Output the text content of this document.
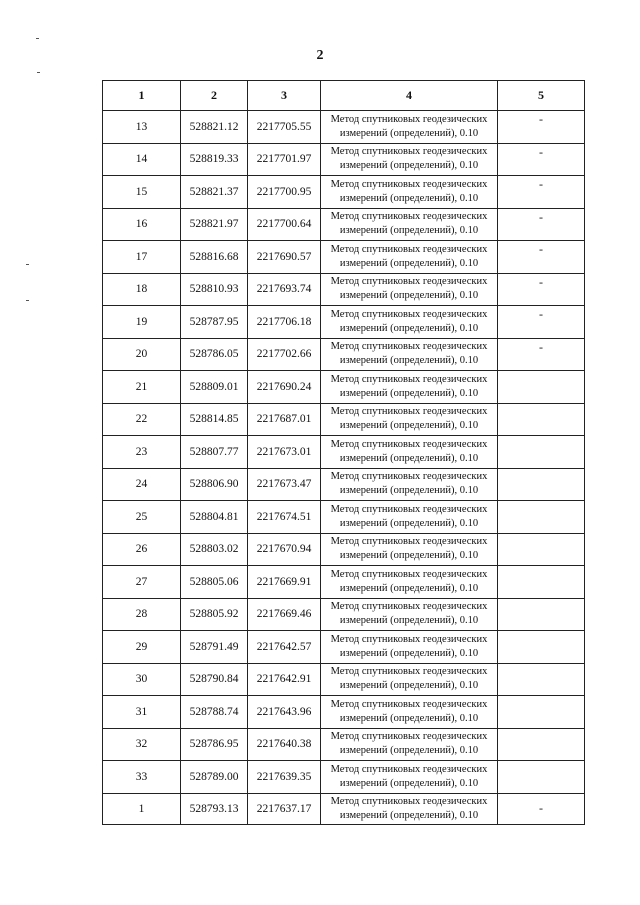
2
1	2	3	4	5
13	528821.12	2217705.55	Метод спутниковых геодезических
измерений (определений), 0.10	-
14	528819.33	2217701.97	Метод спутниковых геодезических
измерений (определений), 0.10	-
15	528821.37	2217700.95	Метод спутниковых геодезических
измерений (определений), 0.10	-
16	528821.97	2217700.64	Метод спутниковых геодезических
измерений (определений), 0.10	-
17	528816.68	2217690.57	Метод спутниковых геодезических
измерений (определений), 0.10	-
18	528810.93	2217693.74	Метод спутниковых геодезических
измерений (определений), 0.10	-
19	528787.95	2217706.18	Метод спутниковых геодезических
измерений (определений), 0.10	-
20	528786.05	2217702.66	Метод спутниковых геодезических
измерений (определений), 0.10	-
21	528809.01	2217690.24	Метод спутниковых геодезических
измерений (определений), 0.10	

22	528814.85	2217687.01	Метод спутниковых геодезических
измерений (определений), 0.10	

23	528807.77	2217673.01	Метод спутниковых геодезических
измерений (определений), 0.10	

24	528806.90	2217673.47	Метод спутниковых геодезических
измерений (определений), 0.10	

25	528804.81	2217674.51	Метод спутниковых геодезических
измерений (определений), 0.10	

26	528803.02	2217670.94	Метод спутниковых геодезических
измерений (определений), 0.10	

27	528805.06	2217669.91	Метод спутниковых геодезических
измерений (определений), 0.10	

28	528805.92	2217669.46	Метод спутниковых геодезических
измерений (определений), 0.10	

29	528791.49	2217642.57	Метод спутниковых геодезических
измерений (определений), 0.10	

30	528790.84	2217642.91	Метод спутниковых геодезических
измерений (определений), 0.10	

31	528788.74	2217643.96	Метод спутниковых геодезических
измерений (определений), 0.10	

32	528786.95	2217640.38	Метод спутниковых геодезических
измерений (определений), 0.10	

33	528789.00	2217639.35	Метод спутниковых геодезических
измерений (определений), 0.10	

1	528793.13	2217637.17	Метод спутниковых геодезических
измерений (определений), 0.10	-
